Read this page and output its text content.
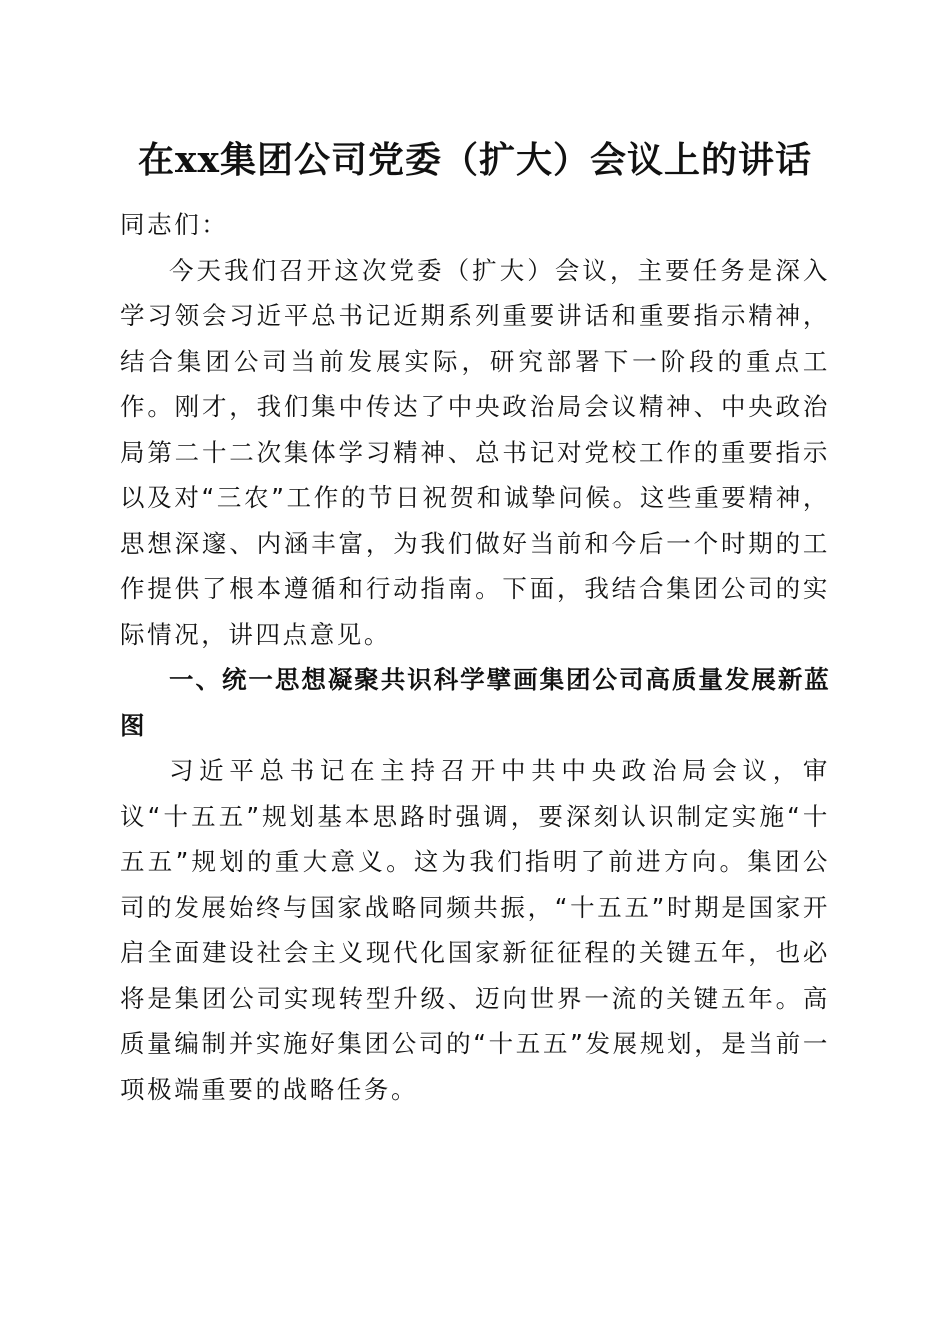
在xx集团公司党委（扩大）会议上的讲话

同志们：

今天我们召开这次党委（扩大）会议，主要任务是深入学习领会习近平总书记近期系列重要讲话和重要指示精神，结合集团公司当前发展实际，研究部署下一阶段的重点工作。刚才，我们集中传达了中央政治局会议精神、中央政治局第二十二次集体学习精神、总书记对党校工作的重要指示以及对“三农”工作的节日祝贺和诚挚问候。这些重要精神，思想深邃、内涵丰富，为我们做好当前和今后一个时期的工作提供了根本遵循和行动指南。下面，我结合集团公司的实际情况，讲四点意见。

一、统一思想凝聚共识科学擘画集团公司高质量发展新蓝图

习近平总书记在主持召开中共中央政治局会议，审议“十五五”规划基本思路时强调，要深刻认识制定实施“十五五”规划的重大意义。这为我们指明了前进方向。集团公司的发展始终与国家战略同频共振，“十五五”时期是国家开启全面建设社会主义现代化国家新征征程的关键五年，也必将是集团公司实现转型升级、迈向世界一流的关键五年。高质量编制并实施好集团公司的“十五五”发展规划，是当前一项极端重要的战略任务。
